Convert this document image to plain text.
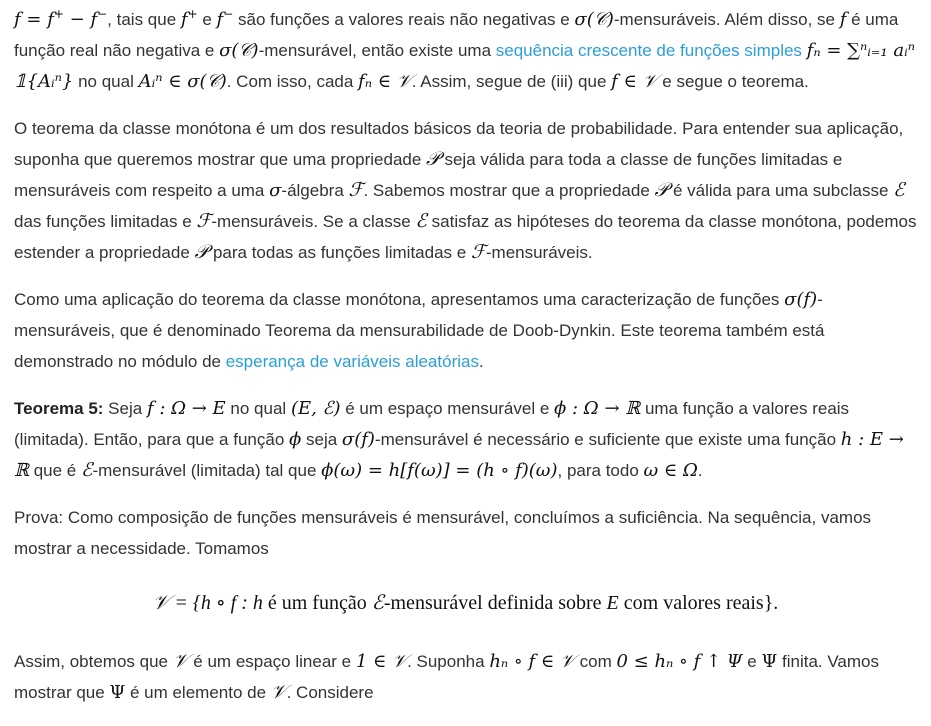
f = f+ − f−, tais que f+ e f− são funções a valores reais não negativas e σ(𝒞)-mensuráveis. Além disso, se f é uma função real não negativa e σ(𝒞)-mensurável, então existe uma sequência crescente de funções simples fₙ = ∑ⁿᵢ₌₁ aᵢⁿ 𝟙{Aᵢⁿ} no qual Aᵢⁿ ∈ σ(𝒞). Com isso, cada fₙ ∈ 𝒱. Assim, segue de (iii) que f ∈ 𝒱 e segue o teorema.

O teorema da classe monótona é um dos resultados básicos da teoria de probabilidade. Para entender sua aplicação, suponha que queremos mostrar que uma propriedade 𝒫 seja válida para toda a classe de funções limitadas e mensuráveis com respeito a uma σ-álgebra ℱ. Sabemos mostrar que a propriedade 𝒫 é válida para uma subclasse ℰ das funções limitadas e ℱ-mensuráveis. Se a classe ℰ satisfaz as hipóteses do teorema da classe monótona, podemos estender a propriedade 𝒫 para todas as funções limitadas e ℱ-mensuráveis.

Como uma aplicação do teorema da classe monótona, apresentamos uma caracterização de funções σ(f)-mensuráveis, que é denominado Teorema da mensurabilidade de Doob-Dynkin. Este teorema também está demonstrado no módulo de esperança de variáveis aleatórias.

Teorema 5: Seja f : Ω → E no qual (E, ℰ) é um espaço mensurável e ϕ : Ω → ℝ uma função a valores reais (limitada). Então, para que a função ϕ seja σ(f)-mensurável é necessário e suficiente que existe uma função h : E → ℝ que é ℰ-mensurável (limitada) tal que ϕ(ω) = h[f(ω)] = (h ∘ f)(ω), para todo ω ∈ Ω.

Prova: Como composição de funções mensuráveis é mensurável, concluímos a suficiência. Na sequência, vamos mostrar a necessidade. Tomamos

𝒱 = {h ∘ f : h é um função ℰ-mensurável definida sobre E com valores reais}.

Assim, obtemos que 𝒱 é um espaço linear e 1 ∈ 𝒱. Suponha hₙ ∘ f ∈ 𝒱 com 0 ≤ hₙ ∘ f ↑ Ψ e Ψ finita. Vamos mostrar que Ψ é um elemento de 𝒱. Considere
